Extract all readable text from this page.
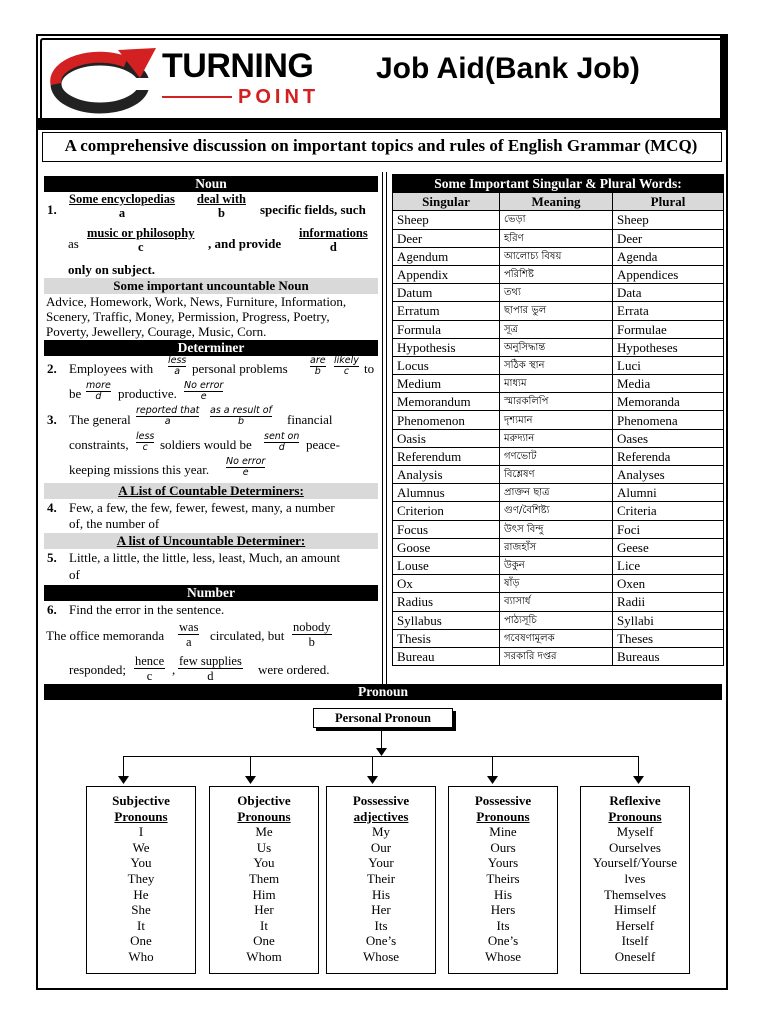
TURNING
POINT
Job Aid(Bank Job)
A comprehensive discussion on important topics and rules of English Grammar (MCQ)
Noun
1.
Some encyclopedias
a
deal with
b	specific fields, such
as
music or philosophy
c	, and provide
informations
d
only on subject.
Some important uncountable Noun
Advice, Homework, Work, News, Furniture, Information,
Scenery, Traffic, Money, Permission, Progress, Poetry,
Poverty, Jewellery, Courage, Music, Corn.
Determiner
2. Employees with
less
a personal problems
are
b
likely
c	to
be
more
d	productive.
No error
e
3. The general
reported that
a
as a result of
b	financial
constraints,
less
c soldiers would be
sent on
d	peace-
keeping missions this year.
No error
e
A List of Countable Determiners:
4. Few, a few, the few, fewer, fewest, many, a number
of, the number of
A list of Uncountable Determiner:
5. Little, a little, the little, less, least, Much, an amount
of
Number
6. Find the error in the sentence.
The office memoranda
was
a	circulated, but
nobody
b
responded;
hence
c	,
few supplies
d	were ordered.
Some Important Singular & Plural Words:		
Singular	Meaning	Plural
Sheep	ভেড়া	Sheep
Deer	হরিণ	Deer
Agendum	আলোচ্য বিষয়	Agenda
Appendix	পরিশিষ্ট	Appendices
Datum	তথ্য	Data
Erratum	ছাপার ভুল	Errata
Formula	সূত্র	Formulae
Hypothesis	অনুসিদ্ধান্ত	Hypotheses
Locus	সঠিক স্থান	Luci
Medium	মাধ্যম	Media
Memorandum	স্মারকলিপি	Memoranda
Phenomenon	দৃশ্যমান	Phenomena
Oasis	মরুদ্যান	Oases
Referendum	গণভোট	Referenda
Analysis	বিশ্লেষণ	Analyses
Alumnus	প্রাক্তন ছাত্র	Alumni
Criterion	গুণ/বৈশিষ্ট্য	Criteria
Focus	উৎস বিন্দু	Foci
Goose	রাজহাঁস	Geese
Louse	উকুন	Lice
Ox	ষাঁড়	Oxen
Radius	ব্যাসার্ধ	Radii
Syllabus	পাঠ্যসূচি	Syllabi
Thesis	গবেষণামূলক	Theses
Bureau	সরকারি দপ্তর	Bureaus
Pronoun
Personal Pronoun
Subjective
Pronouns
I
We
You
They
He
She
It
One
Who
Objective
Pronouns
Me
Us
You
Them
Him
Her
It
One
Whom
Possessive
adjectives
My
Our
Your
Their
His
Her
Its
One’s
Whose
Possessive
Pronouns
Mine
Ours
Yours
Theirs
His
Hers
Its
One’s
Whose
Reflexive
Pronouns
Myself
Ourselves
Yourself/Yourse
lves
Themselves
Himself
Herself
Itself
Oneself
